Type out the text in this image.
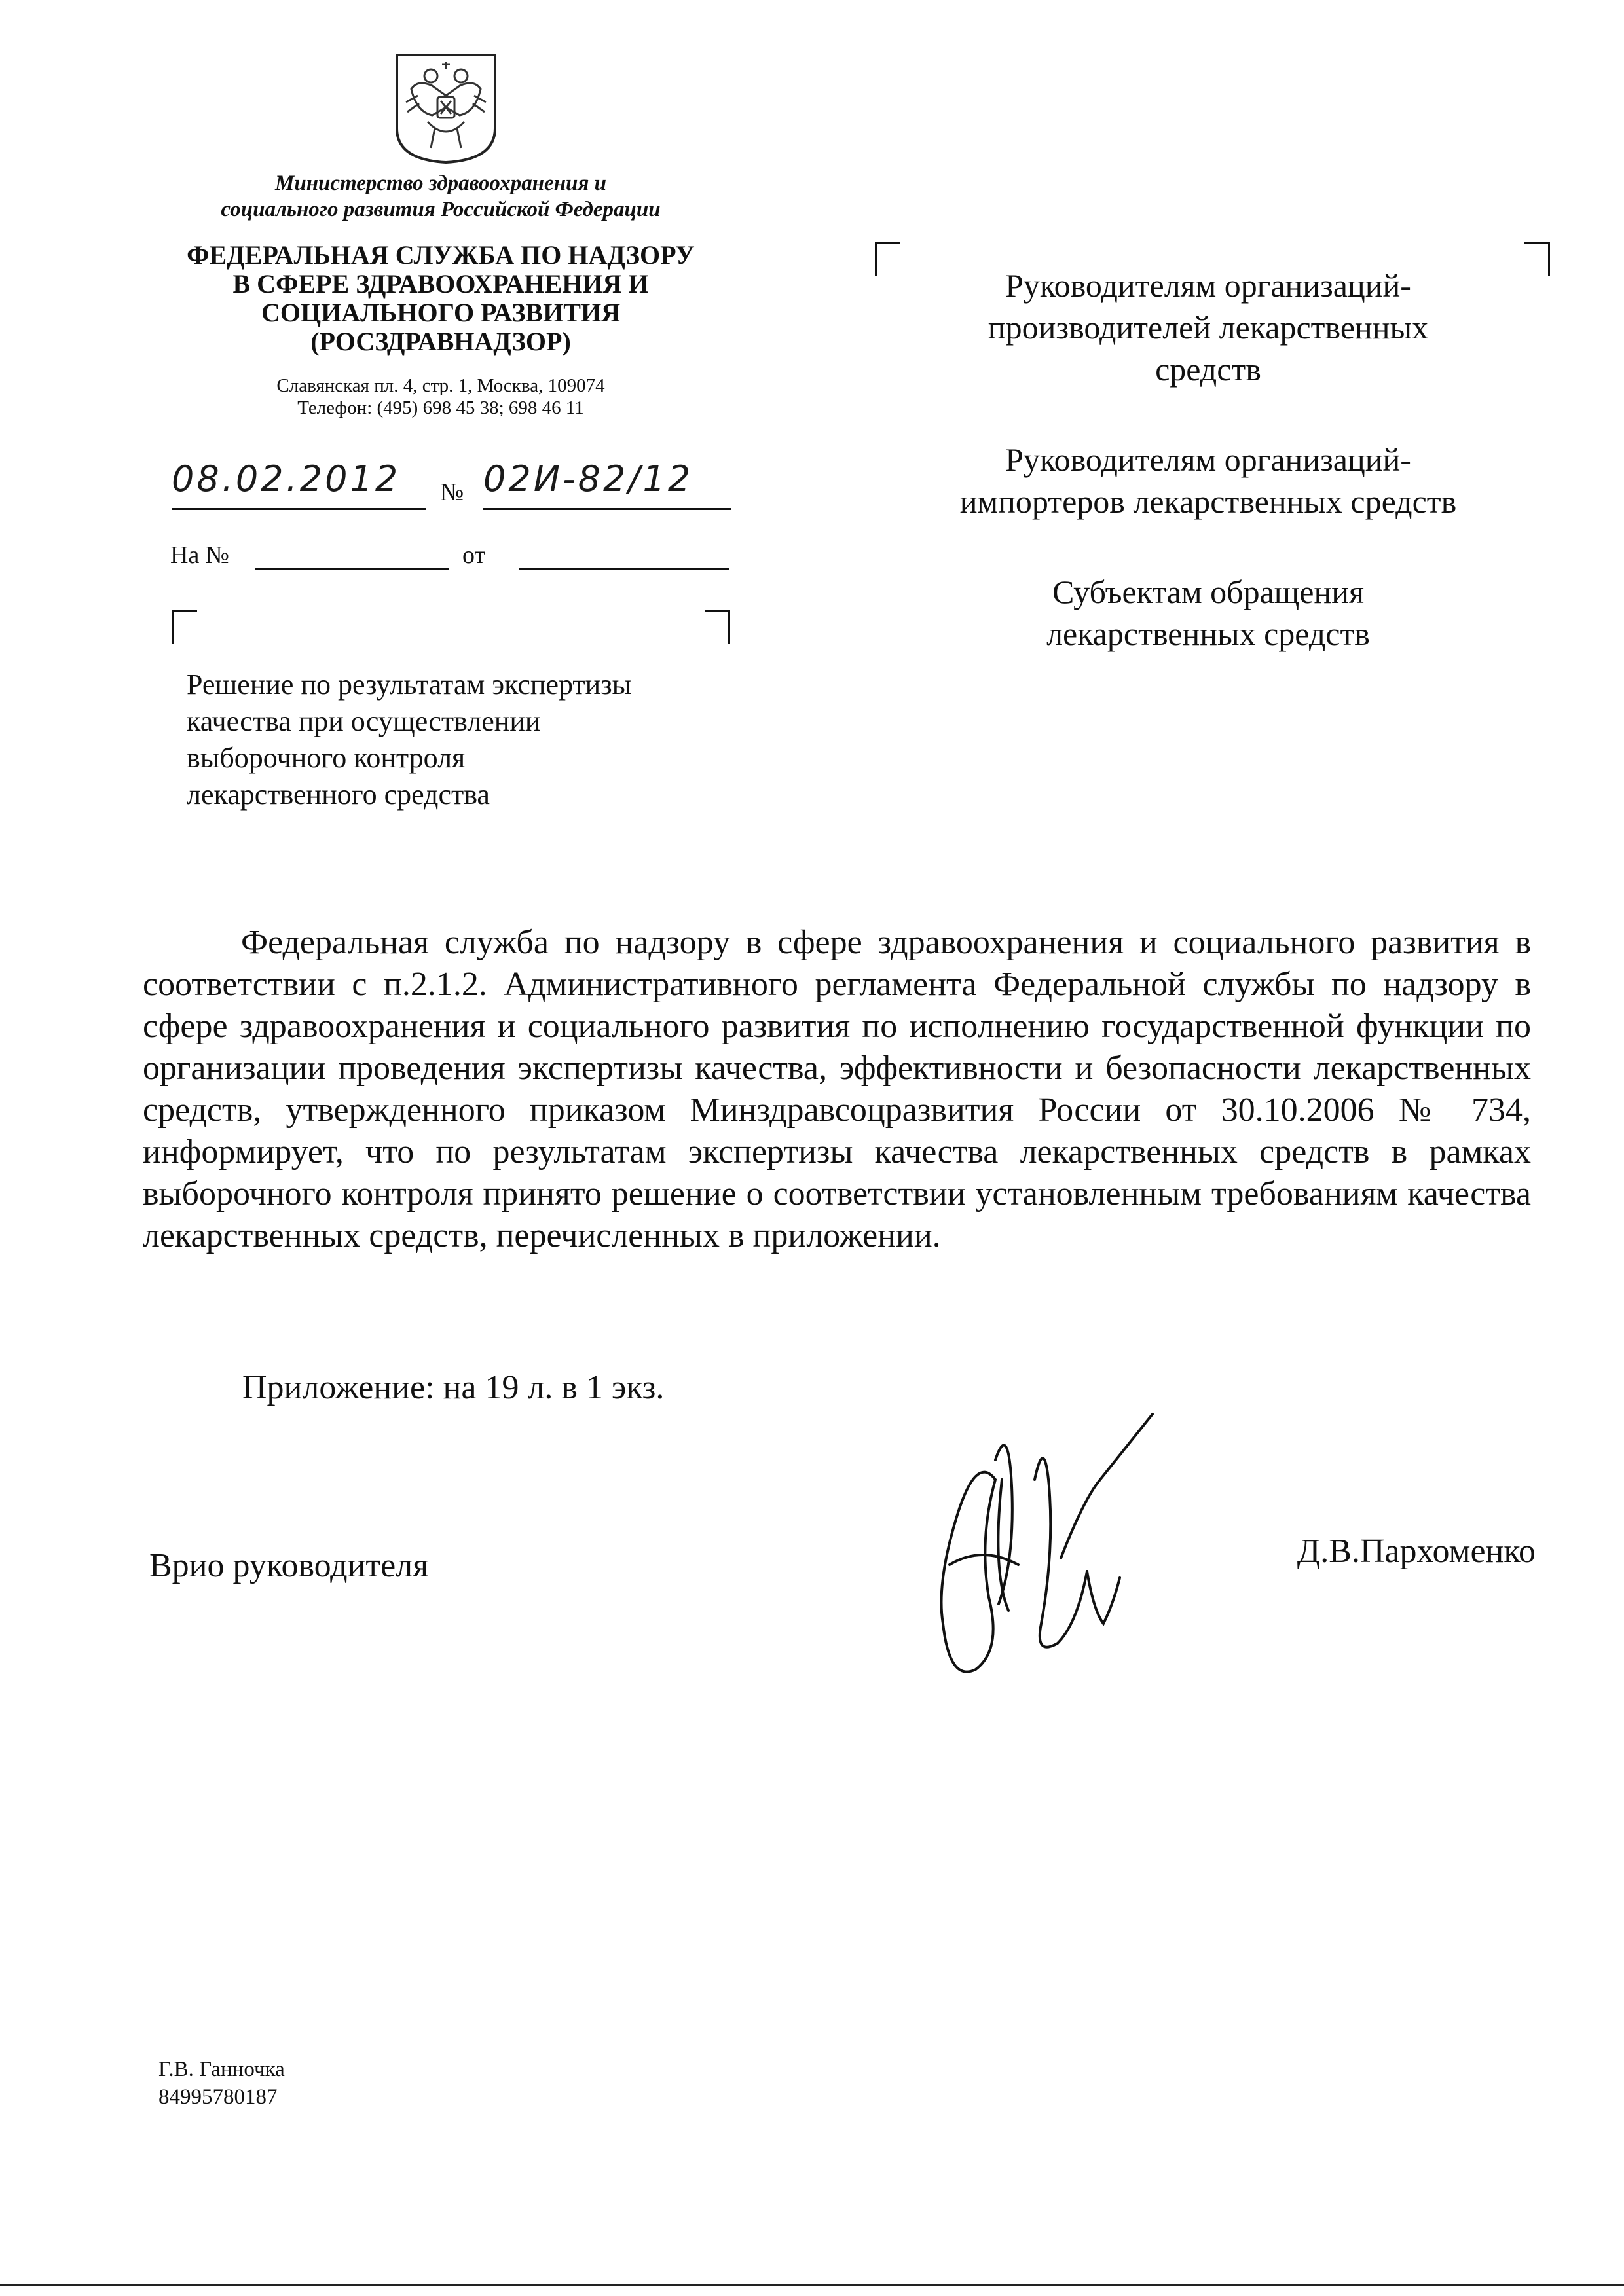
Министерство здравоохранения и
социального развития Российской Федерации
ФЕДЕРАЛЬНАЯ СЛУЖБА ПО НАДЗОРУ
В СФЕРЕ ЗДРАВООХРАНЕНИЯ И
СОЦИАЛЬНОГО РАЗВИТИЯ
(РОСЗДРАВНАДЗОР)
Славянская пл. 4, стр. 1, Москва, 109074
Телефон: (495) 698 45 38; 698 46 11
08.02.2012	№ 02И-82/12
На №	от
Решение по результатам экспертизы
качества при осуществлении
выборочного контроля
лекарственного средства
Руководителям организаций-
производителей лекарственных
средств
Руководителям организаций-
импортеров лекарственных средств
Субъектам обращения
лекарственных средств
Федеральная служба по надзору в сфере здравоохранения и социального развития в соответствии с п.2.1.2. Административного регламента Федеральной службы по надзору в сфере здравоохранения и социального развития по исполнению государственной функции по организации проведения экспертизы качества, эффективности и безопасности лекарственных средств, утвержденного приказом Минздравсоцразвития России от 30.10.2006 № 734, информирует, что по результатам экспертизы качества лекарственных средств в рамках выборочного контроля принято решение о соответствии установленным требованиям качества лекарственных средств, перечисленных в приложении.
Приложение: на 19 л. в 1 экз.
Врио руководителя	Д.В.Пархоменко
Г.В. Ганночка
84995780187
